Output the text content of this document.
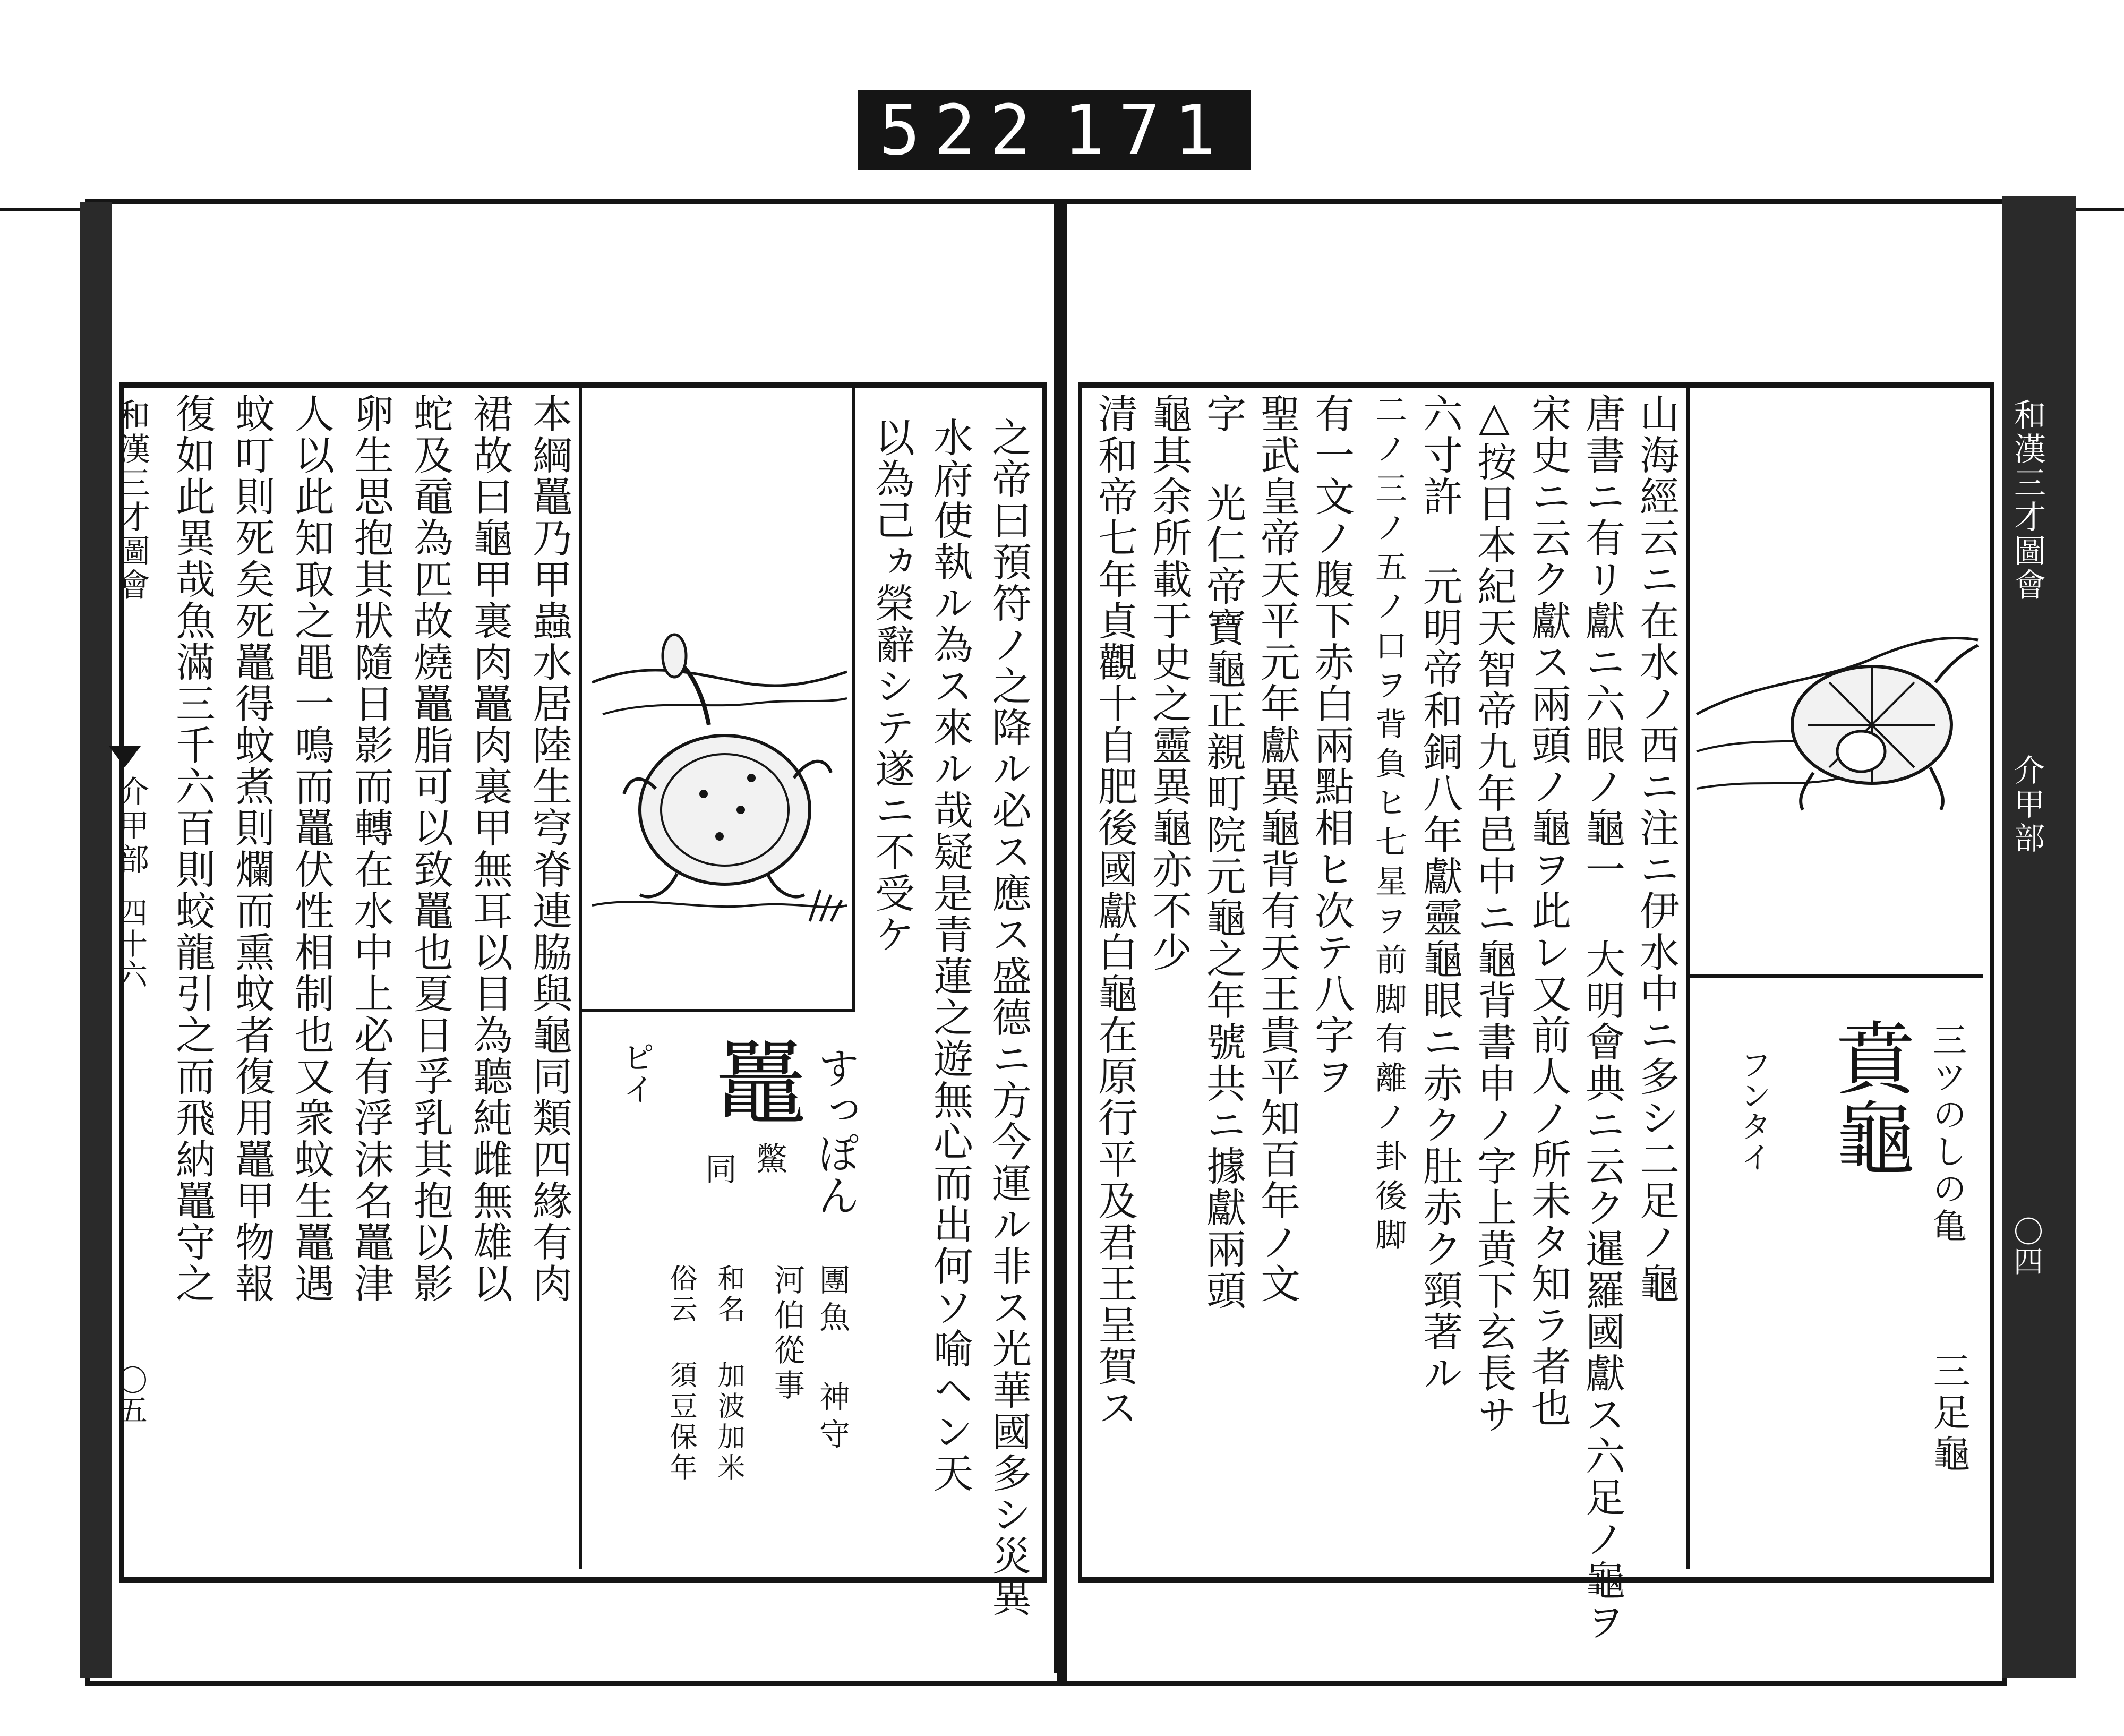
522 171
和漢三才圖會
介甲部
四十六
〇五	之帝曰預符ノ之降ル必ス應ス盛德ニ方今運ル非ス光華國多シ災異
水府使執ル為ス來ル哉疑是青蓮之遊無心而出何ソ喻ヘン天
以為己ヵ榮辭シテ遂ニ不受ケ
すっぽん
鼉
鱉
同
ピイ
團魚 神守
河伯從事
和名 加波加米
俗云 須豆保年
本綱鼉乃甲蟲水居陸生穹脊連脇與龜同類四緣有肉
裙故曰龜甲裏肉鼉肉裏甲無耳以目為聽純雌無雄以
蛇及黿為匹故燒鼉脂可以致鼉也夏日孚乳其抱以影
卵生思抱其狀隨日影而轉在水中上必有浮沫名鼉津
人以此知取之黽一鳴而鼉伏性相制也又衆蚊生鼉遇
蚊叮則死矣死鼉得蚊煮則爛而熏蚊者復用鼉甲物報
復如此異哉魚滿三千六百則蛟龍引之而飛納鼉守之	和漢三才圖會
介甲部
〇四
三ツのしの亀
賁龜
フンタイ
三足龜
山海經云ニ在水ノ西ニ注ニ伊水中ニ多シ二足ノ龜
唐書ニ有リ獻ニ六眼ノ龜一 大明會典ニ云ク暹羅國獻ス六足ノ龜ヲ
宋史ニ云ク獻ス兩頭ノ龜ヲ此レ又前人ノ所未タ知ラ者也
△按日本紀天智帝九年邑中ニ龜背書申ノ字上黄下玄長サ
六寸許 元明帝和銅八年獻靈龜眼ニ赤ク肚赤ク頸著ル
二ノ三ノ五ノ口ヲ背負ヒ七星ヲ前脚有離ノ卦後脚
有一文ノ腹下赤白兩點相ヒ次テ八字ヲ
聖武皇帝天平元年獻異龜背有天王貴平知百年ノ文
字 光仁帝寶龜正親町院元龜之年號共ニ據獻兩頭
龜其余所載于史之靈異龜亦不少
清和帝七年貞觀十自肥後國獻白龜在原行平及君王呈賀ス
